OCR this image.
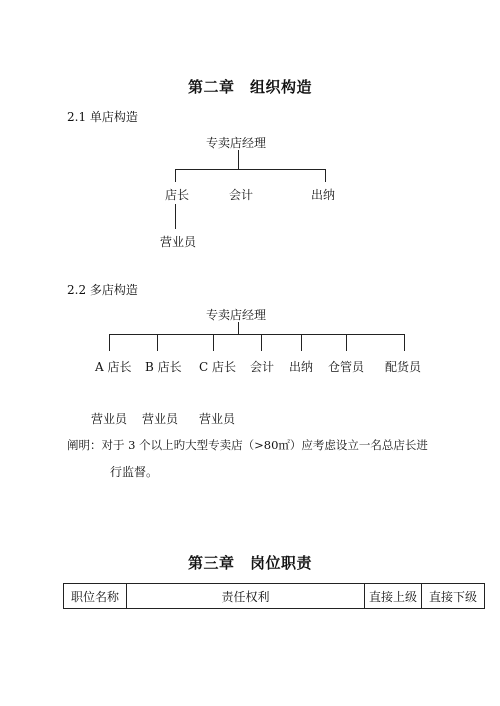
第二章　组织构造
2.1 单店构造
专卖店经理
店长	会计	出纳
营业员
2.2 多店构造
专卖店经理
A 店长 B 店长 C 店长 会计 出纳 仓管员 配货员
营业员 营业员 营业员
阐明：对于 3 个以上旳大型专卖店（>80㎡）应考虑设立一名总店长进
行监督。
第三章　岗位职责
职位名称	责任权利	直接上级	直接下级
